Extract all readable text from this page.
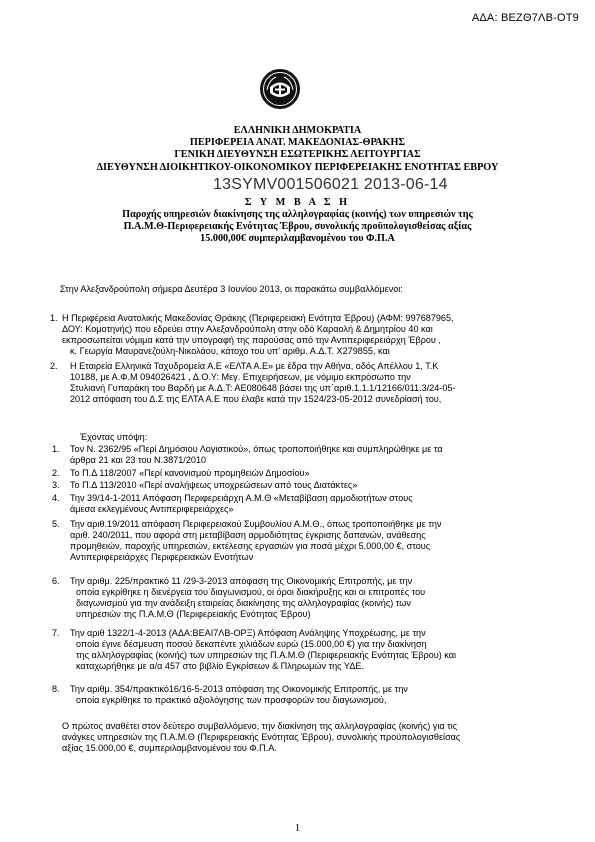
ΑΔΑ: ΒΕΖΘ7ΛΒ-ΟΤ9
ΕΛΛΗΝΙΚΗ ΔΗΜΟΚΡΑΤΙΑ
ΠΕΡΙΦΕΡΕΙΑ ΑΝΑΤ. ΜΑΚΕΔΟΝΙΑΣ-ΘΡΑΚΗΣ
ΓΕΝΙΚΗ ΔΙΕΥΘΥΝΣΗ ΕΣΩΤΕΡΙΚΗΣ ΛΕΙΤΟΥΡΓΙΑΣ
ΔΙΕΥΘΥΝΣΗ ΔΙΟΙΚΗΤΙΚΟΥ-ΟΙΚΟΝΟΜΙΚΟΥ ΠΕΡΙΦΕΡΕΙΑΚΗΣ ΕΝΟΤΗΤΑΣ ΕΒΡΟΥ
13SYMV001506021 2013-06-14
Σ Υ Μ Β Α Σ Η
Παροχής υπηρεσιών διακίνησης της αλληλογραφίας (κοινής) των υπηρεσιών της
Π.Α.Μ.Θ-Περιφερειακής Ενότητας Έβρου, συνολικής προϋπολογισθείσας αξίας
15.000,00€ συμπεριλαμβανομένου του Φ.Π.Α
Στην Αλεξανδρούπολη σήμερα Δευτέρα 3 Ιουνίου 2013, οι παρακάτω συμβαλλόμενοι:
1. Η Περιφέρεια Ανατολικής Μακεδονίας Θράκης (Περιφερειακή Ενότητα Έβρου) (ΑΦΜ: 997687965,
ΔΟΥ: Κομοτηνής) που εδρεύει στην Αλεξανδρούπολη στην οδό Καραολή & Δημητρίου 40 και
εκπροσωπείται νόμιμα κατά την υπογραφή της παρούσας από την Αντιπεριφερειάρχη Έβρου ,
κ. Γεωργία Μαυρανεζούλη-Νικολάου, κάτοχο του υπ' αριθμ. Α.Δ.Τ. Χ279855, και
2. Η Εταιρεία Ελληνικά Ταχυδρομεία Α.Ε «ΕΛΤΑ Α.Ε» με έδρα την Αθήνα, οδός Απέλλου 1, Τ.Κ
10188, με Α.Φ.Μ 094026421 , Δ.Ο.Υ: Μεγ. Επιχειρήσεων, με νόμιμο εκπρόσωπο την
Στυλιανή Γυπαράκη του Βαρδή με Α.Δ.Τ: ΑΕ080648 βάσει της υπ΄αριθ.1.1.1/12166/011.3/24-05-
2012 απόφαση του Δ.Σ της ΕΛΤΑ Α.Ε που έλαβε κατά την 1524/23-05-2012 συνεδρίασή του,
Έχοντας υπόψη:
1. Τον Ν. 2362/95 «Περί Δημόσιου Λογιστικού», όπως τροποποιήθηκε και συμπληρώθηκε με τα
άρθρα 21 και 23 του Ν.3871/2010
2. Το Π.Δ 118/2007 «Περί κανονισμού προμηθειών Δημοσίου»
3. Το Π.Δ 113/2010 «Περί αναλήψεως υποχρεώσεων από τους Διατάκτες»
4. Την 39/14-1-2011 Απόφαση Περιφερειάρχη Α.Μ.Θ «Μεταβίβαση αρμοδιοτήτων στους
άμεσα εκλεγμένους Αντιπεριφερειάρχες»
5. Την αριθ.19/2011 απόφαση Περιφερειακού Συμβουλίου Α.Μ.Θ., όπως τροποποιήθηκε με την
αριθ. 240/2011, που αφορά στη μεταβίβαση αρμοδιότητας έγκρισης δαπανών, ανάθεσης
προμηθειών, παροχής υπηρεσιών, εκτέλεσης εργασιών για ποσά μέχρι 5.000,00 €, στους
Αντιπεριφερειάρχες Περιφερειακών Ενοτήτων
6. Την αριθμ. 225/πρακτικό 11 /29-3-2013 απόφαση της Οικονομικής Επιτροπής, με την
οποία εγκρίθηκε η διενέργεια του διαγωνισμού, οι όροι διακήρυξης και οι επιτροπές του
διαγωνισμού για την ανάδειξη εταιρείας διακίνησης της αλληλογραφίας (κοινής) των
υπηρεσιών της Π.Α.Μ.Θ (Περιφερειακής Ενότητας Έβρου)
7. Την αριθ 1322/1-4-2013 (ΑΔΑ:ΒΕΑΙ7ΛΒ-ΟΡΞ) Απόφαση Ανάληψης Υποχρέωσης, με την
οποία έγινε δέσμευση ποσού δεκαπέντε χιλιάδων ευρώ (15.000,00 €) για την διακίνηση
της αλληλογραφίας (κοινής) των υπηρεσιών της Π.Α.Μ.Θ (Περιφερειακής Ενότητας Έβρου) και
καταχωρήθηκε με α/α 457 στο βιβλίο Εγκρίσεων & Πληρωμών της ΥΔΕ.
8. Την αριθμ. 354/πρακτικό16/16-5-2013 απόφαση της Οικονομικής Επιτροπής, με την
οποία εγκρίθηκε το πρακτικό αξιολόγησης των προσφορών του διαγωνισμού,
Ο πρώτος αναθέτει στον δεύτερο συμβαλλόμενο, την διακίνηση της αλληλογραφίας (κοινής) για τις
ανάγκες υπηρεσιών της Π.Α.Μ.Θ (Περιφερειακής Ενότητας Έβρου), συνολικής προϋπολογισθείσας
αξίας 15.000,00 €, συμπεριλαμβανομένου του Φ.Π.Α.
1
